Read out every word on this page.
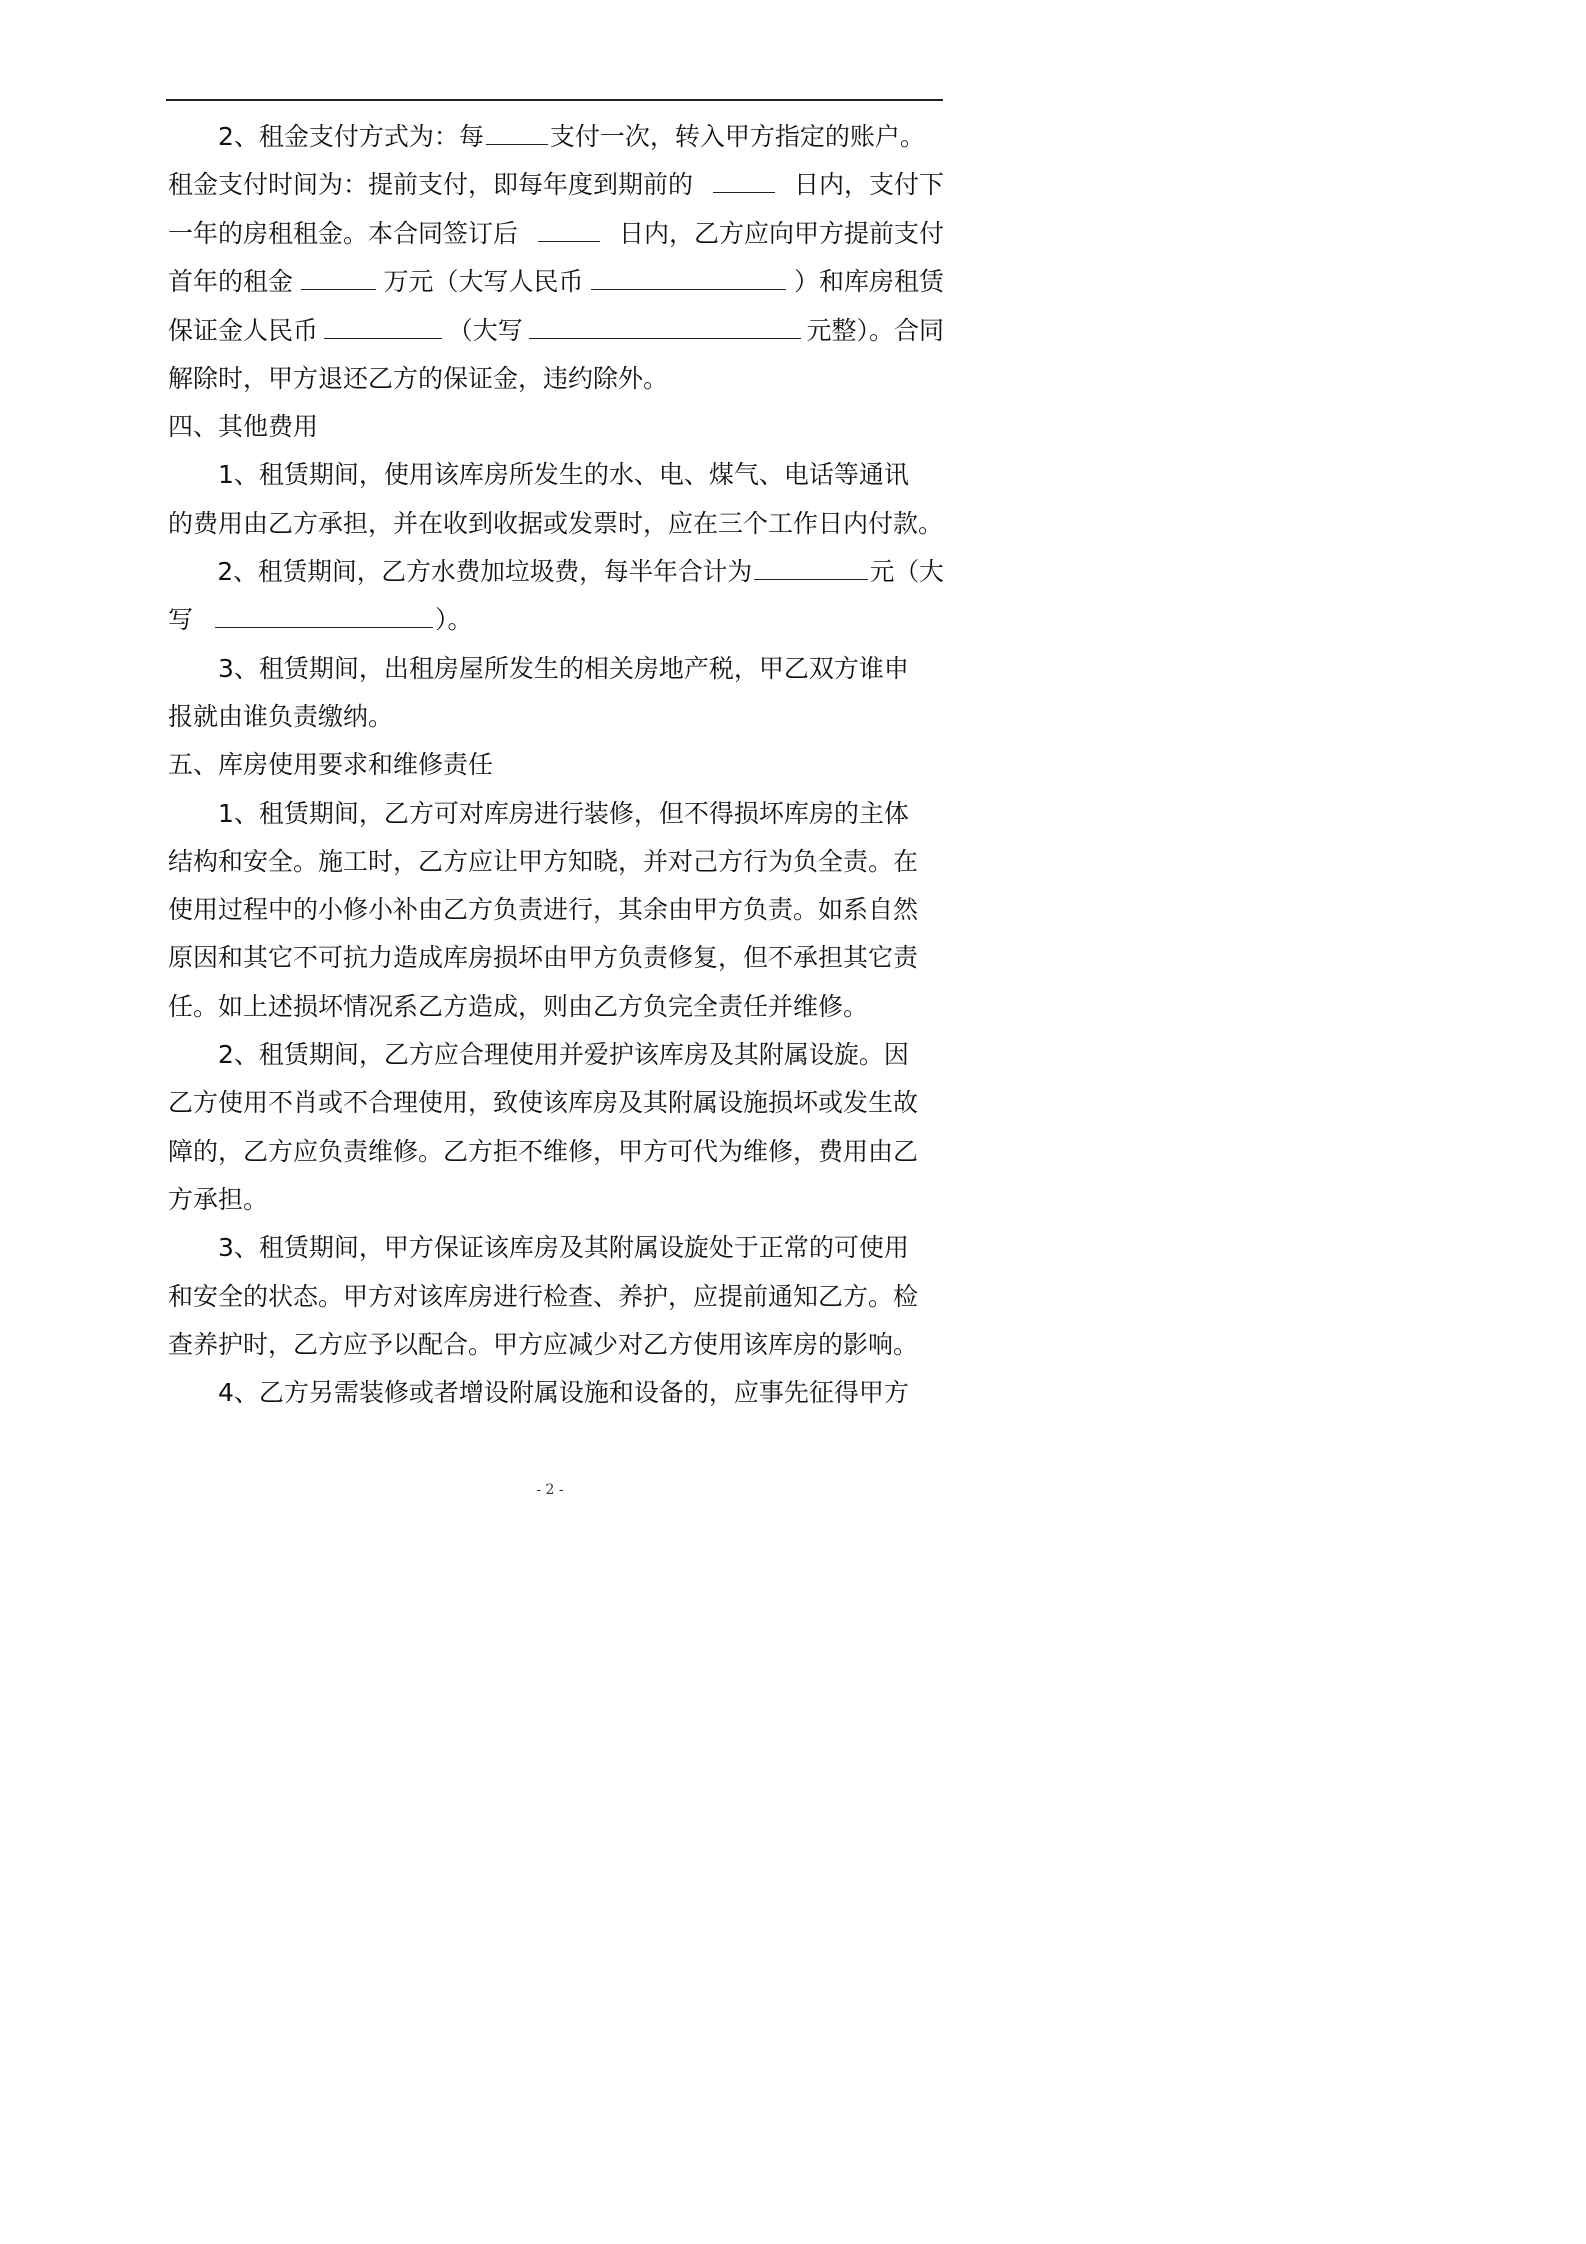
2、租金支付方式为：每	支付一次，转入甲方指定的账户。
租金支付时间为：提前支付，即每年度到期前的	日内，支付下
一年的房租租金。本合同签订后	日内，乙方应向甲方提前支付
首年的租金	万元（大写人民币	）和库房租赁
保证金人民币	（大写	元整）。合同
解除时，甲方退还乙方的保证金，违约除外。
四、其他费用
1、租赁期间，使用该库房所发生的水、电、煤气、电话等通讯
的费用由乙方承担，并在收到收据或发票时，应在三个工作日内付款。
2、租赁期间，乙方水费加垃圾费，每半年合计为	元（大
写	）。
3、租赁期间，出租房屋所发生的相关房地产税，甲乙双方谁申
报就由谁负责缴纳。
五、库房使用要求和维修责任
1、租赁期间，乙方可对库房进行装修，但不得损坏库房的主体
结构和安全。施工时，乙方应让甲方知晓，并对己方行为负全责。在
使用过程中的小修小补由乙方负责进行，其余由甲方负责。如系自然
原因和其它不可抗力造成库房损坏由甲方负责修复，但不承担其它责
任。如上述损坏情况系乙方造成，则由乙方负完全责任并维修。
2、租赁期间，乙方应合理使用并爱护该库房及其附属设旋。因
乙方使用不肖或不合理使用，致使该库房及其附属设施损坏或发生故
障的，乙方应负责维修。乙方拒不维修，甲方可代为维修，费用由乙
方承担。
3、租赁期间，甲方保证该库房及其附属设旋处于正常的可使用
和安全的状态。甲方对该库房进行检查、养护，应提前通知乙方。检
查养护时，乙方应予以配合。甲方应减少对乙方使用该库房的影响。
4、乙方另需装修或者增设附属设施和设备的，应事先征得甲方
- 2 -
